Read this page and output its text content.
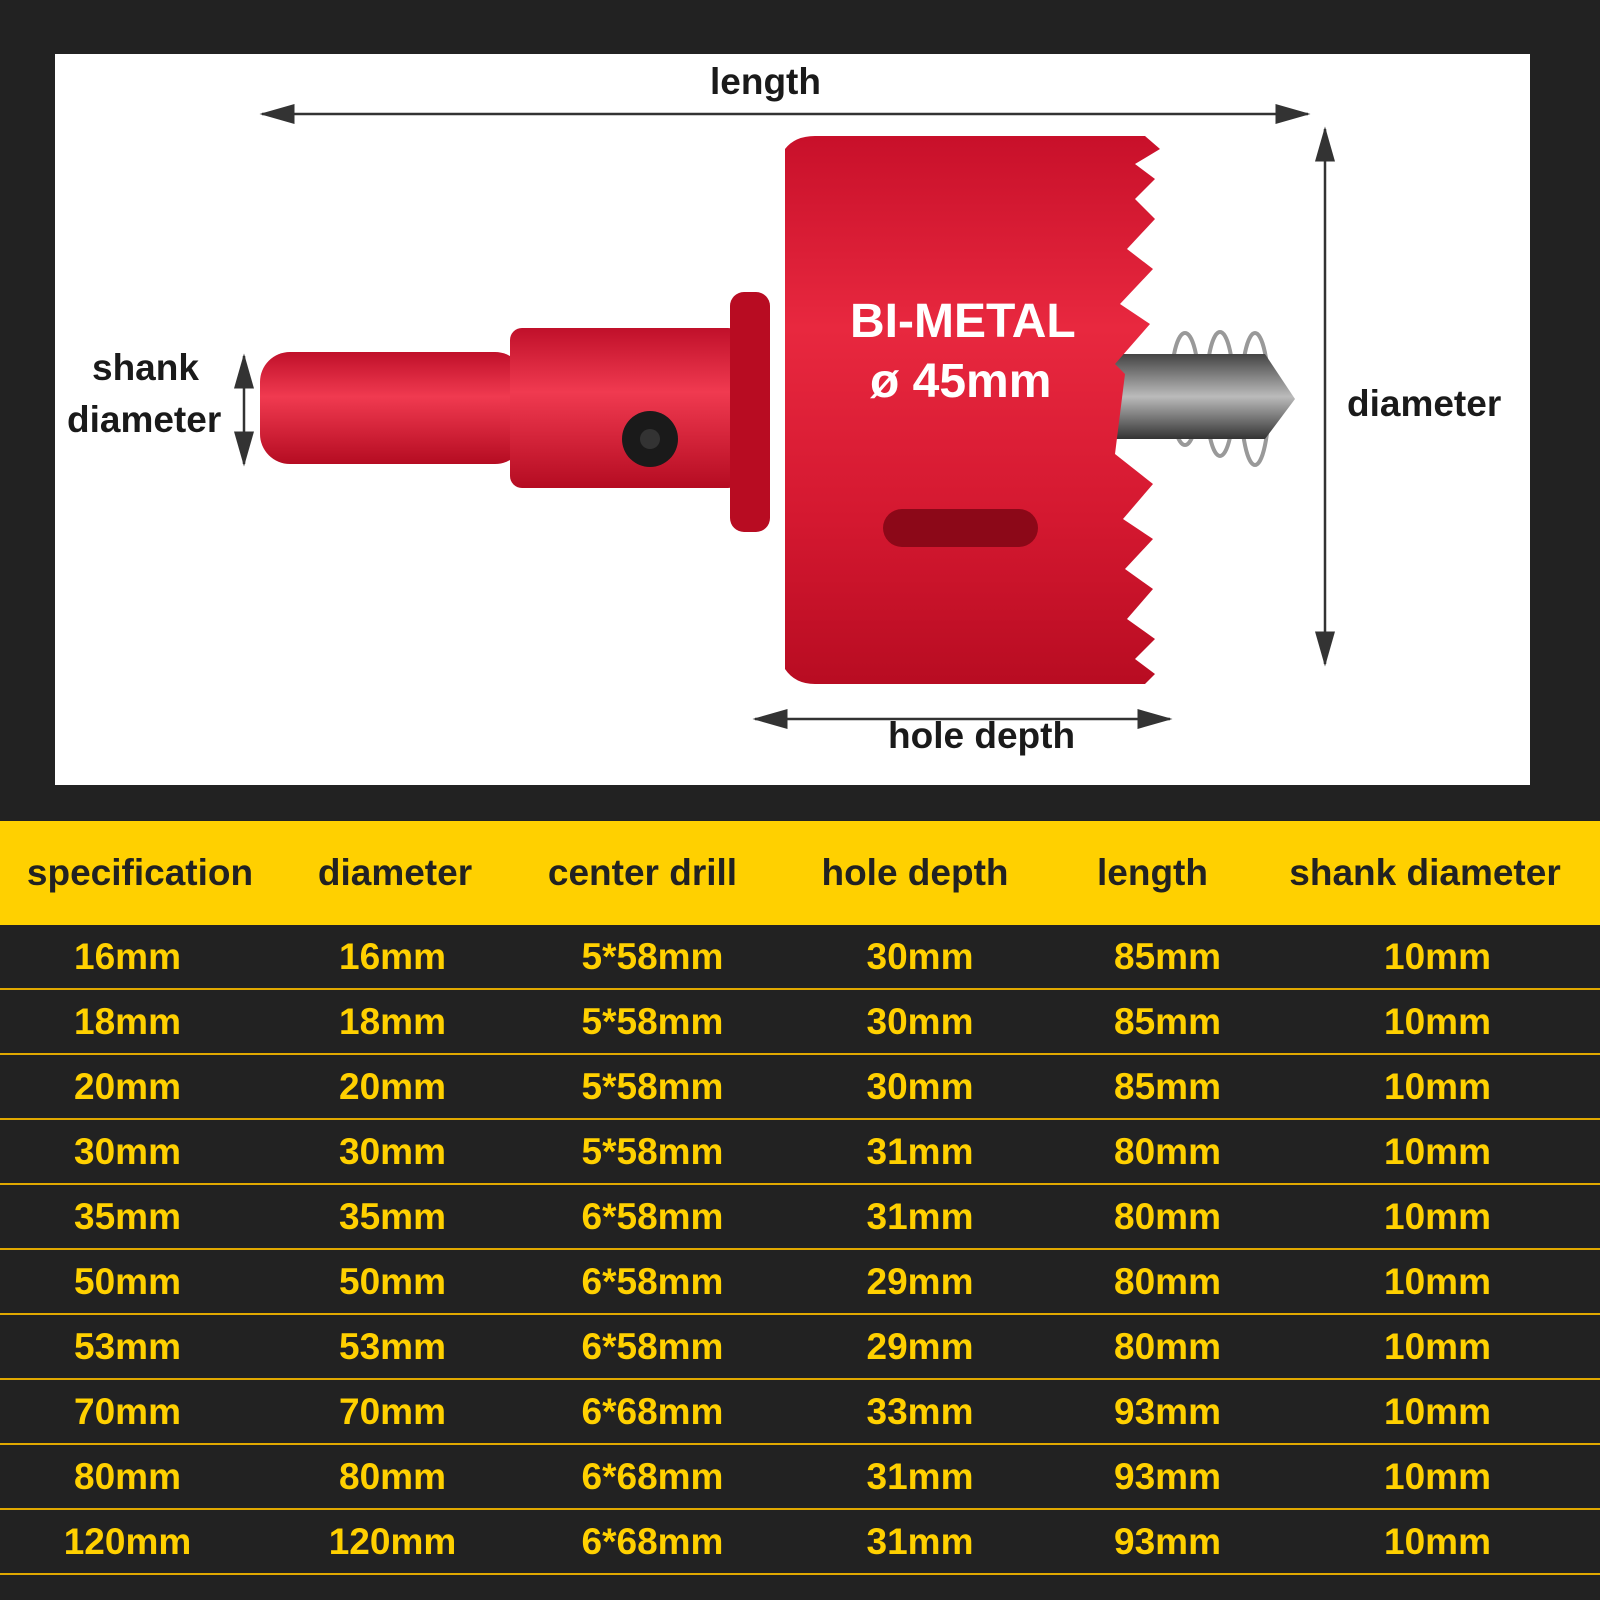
BI-METAL
ø 45mm
length
shank
diameter	diameter
hole depth
specification	diameter	center drill	hole depth	length	shank diameter
16mm	16mm	5*58mm	30mm	85mm	10mm
18mm	18mm	5*58mm	30mm	85mm	10mm
20mm	20mm	5*58mm	30mm	85mm	10mm
30mm	30mm	5*58mm	31mm	80mm	10mm
35mm	35mm	6*58mm	31mm	80mm	10mm
50mm	50mm	6*58mm	29mm	80mm	10mm
53mm	53mm	6*58mm	29mm	80mm	10mm
70mm	70mm	6*68mm	33mm	93mm	10mm
80mm	80mm	6*68mm	31mm	93mm	10mm
120mm	120mm	6*68mm	31mm	93mm	10mm
